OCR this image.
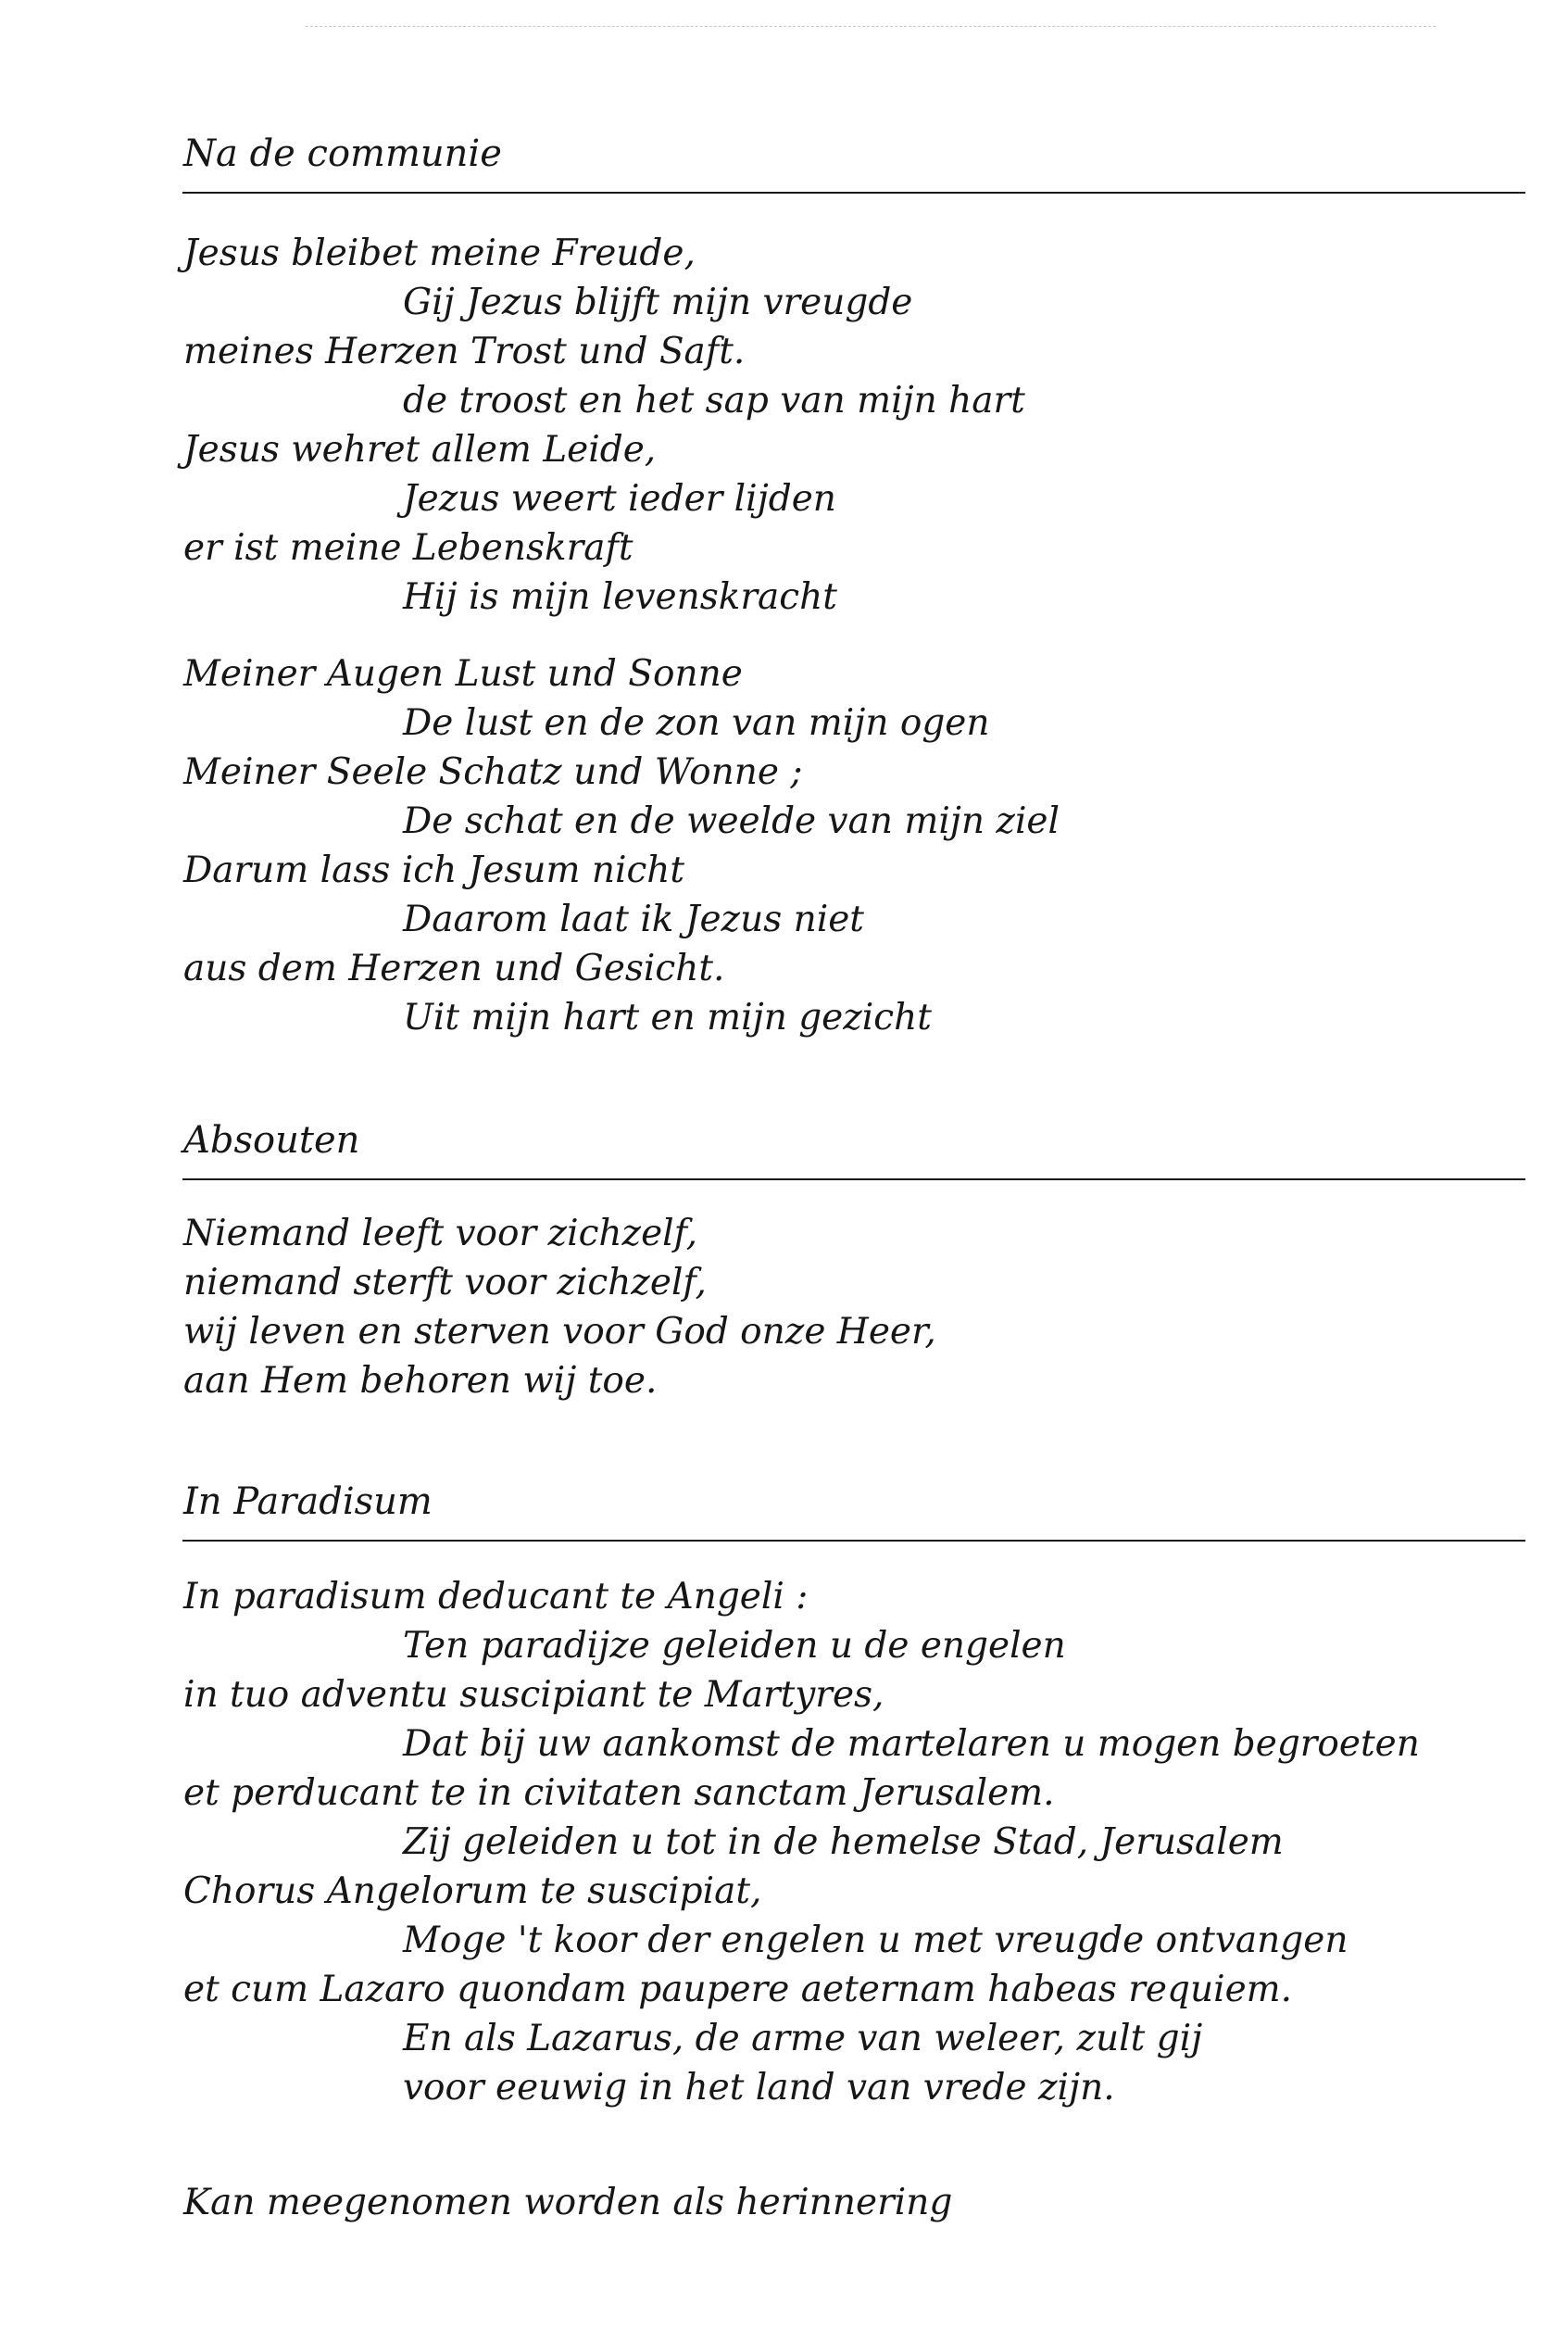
Na de communie
Jesus bleibet meine Freude,
Gij Jezus blijft mijn vreugde
meines Herzen Trost und Saft.
de troost en het sap van mijn hart
Jesus wehret allem Leide,
Jezus weert ieder lijden
er ist meine Lebenskraft
Hij is mijn levenskracht
Meiner Augen Lust und Sonne
De lust en de zon van mijn ogen
Meiner Seele Schatz und Wonne ;
De schat en de weelde van mijn ziel
Darum lass ich Jesum nicht
Daarom laat ik Jezus niet
aus dem Herzen und Gesicht.
Uit mijn hart en mijn gezicht
Absouten
Niemand leeft voor zichzelf,
niemand sterft voor zichzelf,
wij leven en sterven voor God onze Heer,
aan Hem behoren wij toe.
In Paradisum
In paradisum deducant te Angeli :
Ten paradijze geleiden u de engelen
in tuo adventu suscipiant te Martyres,
Dat bij uw aankomst de martelaren u mogen begroeten
et perducant te in civitaten sanctam Jerusalem.
Zij geleiden u tot in de hemelse Stad, Jerusalem
Chorus Angelorum te suscipiat,
Moge 't koor der engelen u met vreugde ontvangen
et cum Lazaro quondam paupere aeternam habeas requiem.
En als Lazarus, de arme van weleer, zult gij
voor eeuwig in het land van vrede zijn.
Kan meegenomen worden als herinnering
